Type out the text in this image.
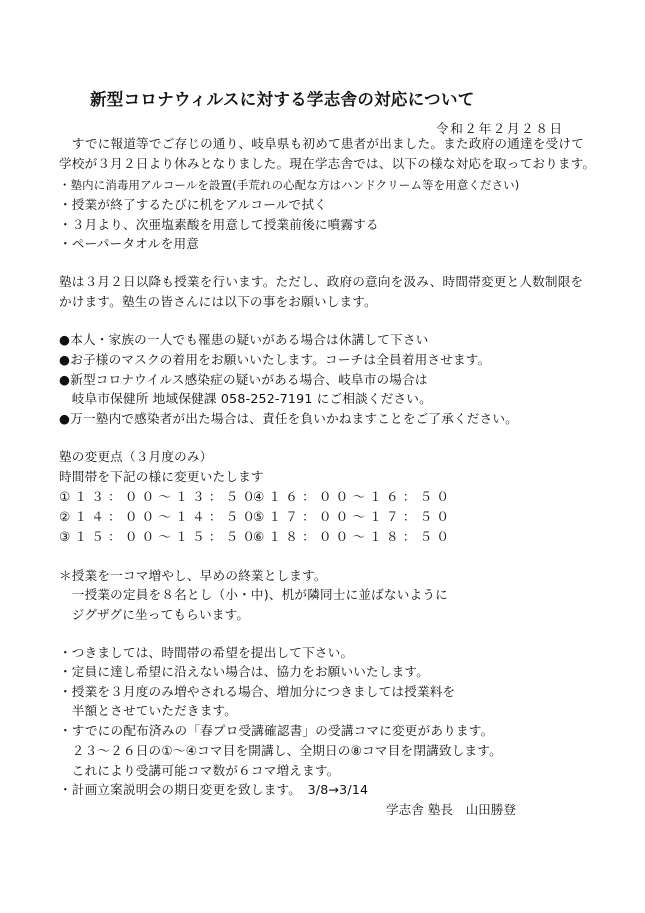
新型コロナウィルスに対する学志舎の対応について
令和２年２月２８日
　すでに報道等でご存じの通り、岐阜県も初めて患者が出ました。また政府の通達を受けて
学校が３月２日より休みとなりました。現在学志舎では、以下の様な対応を取っております。
・塾内に消毒用アルコールを設置(手荒れの心配な方はハンドクリーム等を用意ください)
・授業が終了するたびに机をアルコールで拭く
・３月より、次亜塩素酸を用意して授業前後に噴霧する
・ペーパータオルを用意
塾は３月２日以降も授業を行います。ただし、政府の意向を汲み、時間帯変更と人数制限を
かけます。塾生の皆さんには以下の事をお願いします。
●本人・家族の一人でも罹患の疑いがある場合は休講して下さい
●お子様のマスクの着用をお願いいたします。コーチは全員着用させます。
●新型コロナウイルス感染症の疑いがある場合、岐阜市の場合は
　岐阜市保健所 地域保健課 058-252-7191 にご相談ください。
●万一塾内で感染者が出た場合は、責任を負いかねますことをご了承ください。
塾の変更点（３月度のみ）
時間帯を下記の様に変更いたします
①１３：００～１３：５０
②１４：００～１４：５０
③１５：００～１５：５０
④１６：００～１６：５０
⑤１７：００～１７：５０
⑥１８：００～１８：５０
＊授業を一コマ増やし、早めの終業とします。
　一授業の定員を８名とし（小・中)、机が隣同士に並ばないように
　ジグザグに坐ってもらいます。
・つきましては、時間帯の希望を提出して下さい。
・定員に達し希望に沿えない場合は、協力をお願いいたします。
・授業を３月度のみ増やされる場合、増加分につきましては授業料を
　半額とさせていただきます。
・すでにの配布済みの「春プロ受講確認書」の受講コマに変更があります。
　２３～２６日の①～④コマ目を開講し、全期日の⑧コマ目を閉講致します。
　これにより受講可能コマ数が６コマ増えます。
・計画立案説明会の期日変更を致します。　3/8→3/14
学志舎 塾長　山田勝登
